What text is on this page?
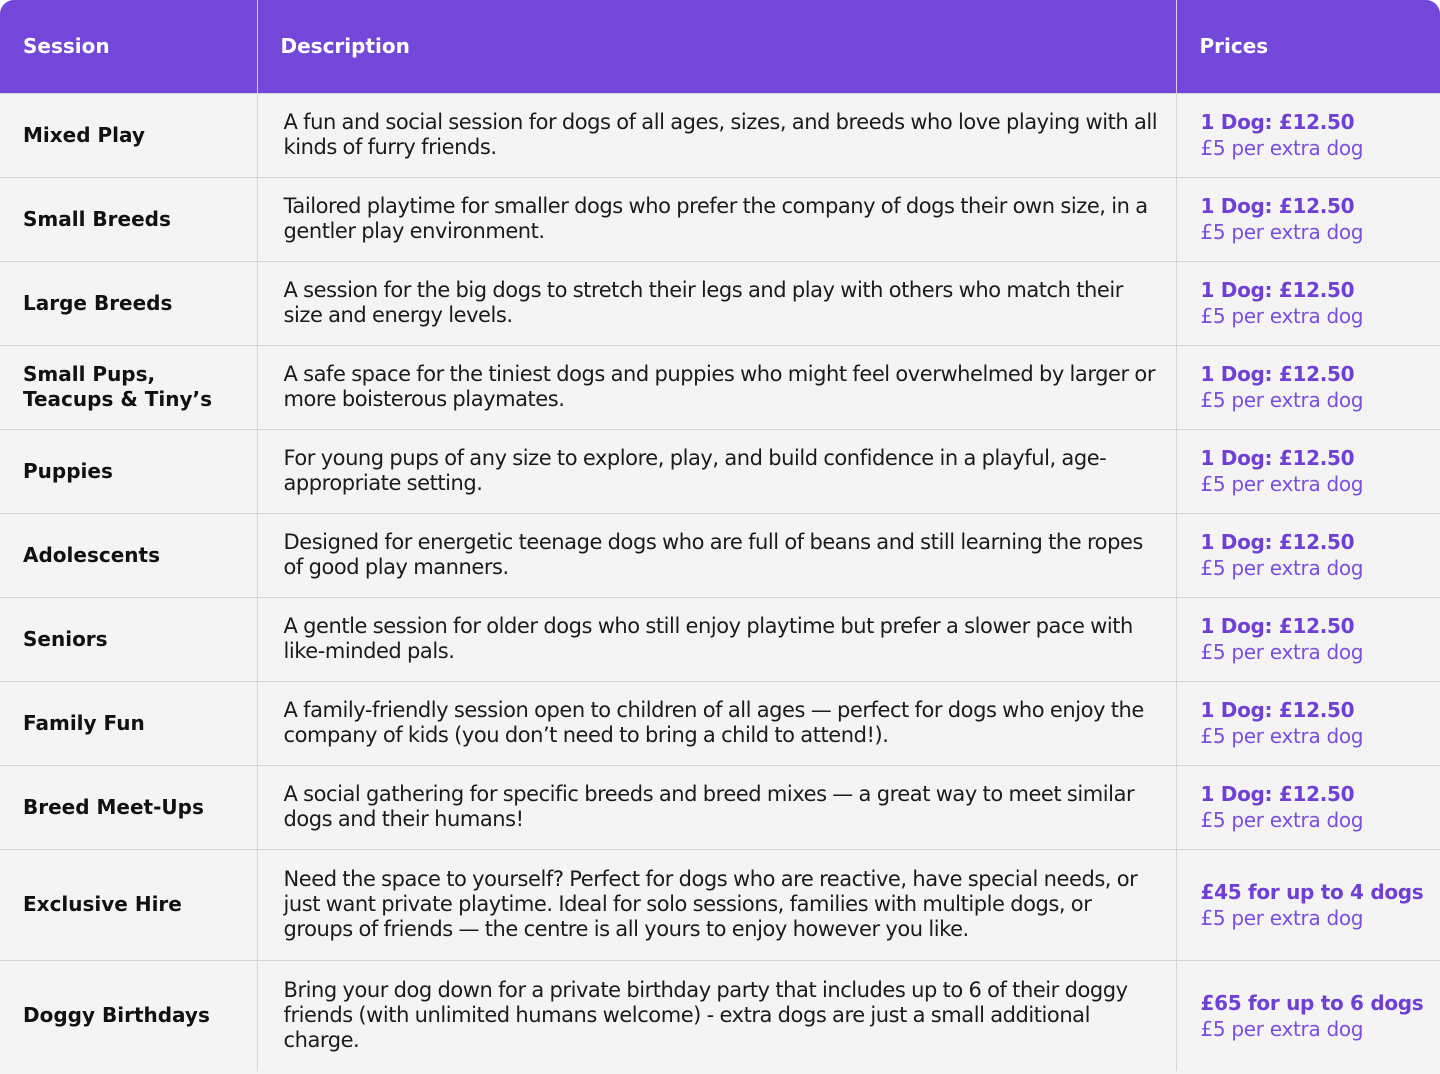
Session	Description	Prices
Mixed Play	A fun and social session for dogs of all ages, sizes, and breeds who love playing with all kinds of furry friends.	1 Dog: £12.50
£5 per extra dog

Small Breeds	Tailored playtime for smaller dogs who prefer the company of dogs their own size, in a gentler play environment.	1 Dog: £12.50
£5 per extra dog

Large Breeds	A session for the big dogs to stretch their legs and play with others who match their size and energy levels.	1 Dog: £12.50
£5 per extra dog

Small Pups, Teacups & Tiny’s	A safe space for the tiniest dogs and puppies who might feel overwhelmed by larger or more boisterous playmates.	1 Dog: £12.50
£5 per extra dog

Puppies	For young pups of any size to explore, play, and build confidence in a playful, age-appropriate setting.	1 Dog: £12.50
£5 per extra dog

Adolescents	Designed for energetic teenage dogs who are full of beans and still learning the ropes of good play manners.	1 Dog: £12.50
£5 per extra dog

Seniors	A gentle session for older dogs who still enjoy playtime but prefer a slower pace with like-minded pals.	1 Dog: £12.50
£5 per extra dog

Family Fun	A family-friendly session open to children of all ages — perfect for dogs who enjoy the company of kids (you don’t need to bring a child to attend!).	1 Dog: £12.50
£5 per extra dog

Breed Meet-Ups	A social gathering for specific breeds and breed mixes — a great way to meet similar dogs and their humans!	1 Dog: £12.50
£5 per extra dog

Exclusive Hire	Need the space to yourself? Perfect for dogs who are reactive, have special needs, or just want private playtime. Ideal for solo sessions, families with multiple dogs, or groups of friends — the centre is all yours to enjoy however you like.	£45 for up to 4 dogs
£5 per extra dog

Doggy Birthdays	Bring your dog down for a private birthday party that includes up to 6 of their doggy friends (with unlimited humans welcome) - extra dogs are just a small additional charge.	£65 for up to 6 dogs
£5 per extra dog
